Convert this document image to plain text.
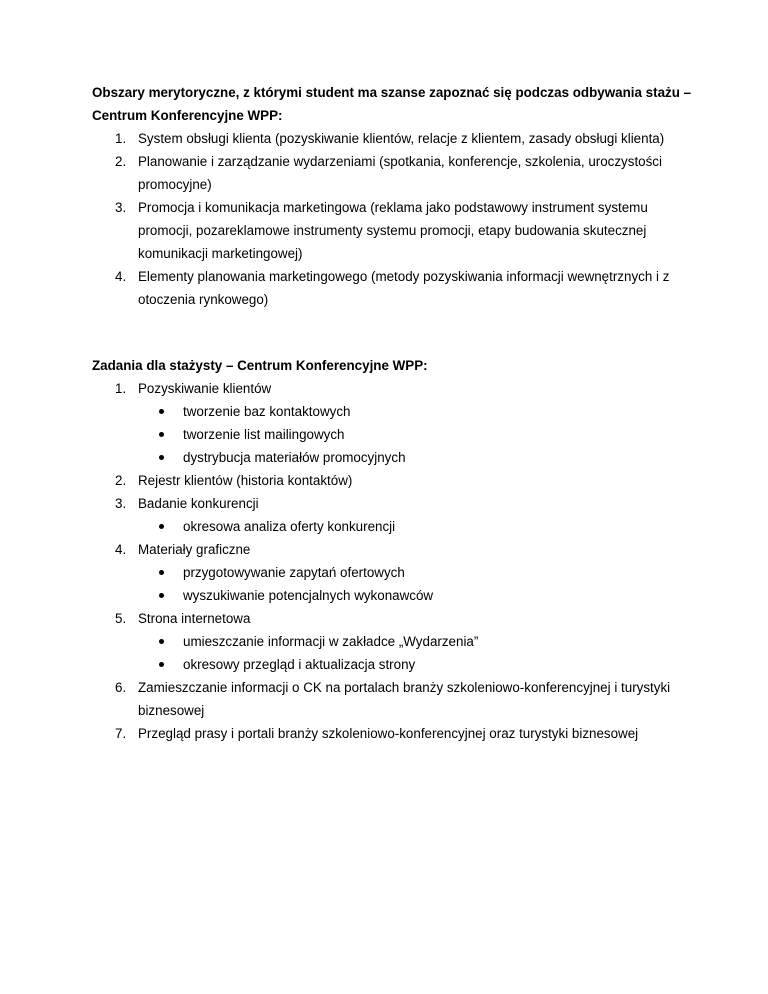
Obszary merytoryczne, z którymi student ma szanse zapoznać się podczas odbywania stażu – Centrum Konferencyjne WPP:

1. System obsługi klienta (pozyskiwanie klientów, relacje z klientem, zasady obsługi klienta)
2. Planowanie i zarządzanie wydarzeniami (spotkania, konferencje, szkolenia, uroczystości promocyjne)
3. Promocja i komunikacja marketingowa (reklama jako podstawowy instrument systemu promocji, pozareklamowe instrumenty systemu promocji, etapy budowania skutecznej komunikacji marketingowej)
4. Elementy planowania marketingowego (metody pozyskiwania informacji wewnętrznych i z otoczenia rynkowego)

Zadania dla stażysty – Centrum Konferencyjne WPP:

1. Pozyskiwanie klientów
tworzenie baz kontaktowych
tworzenie list mailingowych
dystrybucja materiałów promocyjnych
2. Rejestr klientów (historia kontaktów)
3. Badanie konkurencji
okresowa analiza oferty konkurencji
4. Materiały graficzne
przygotowywanie zapytań ofertowych
wyszukiwanie potencjalnych wykonawców
5. Strona internetowa
umieszczanie informacji w zakładce „Wydarzenia”
okresowy przegląd i aktualizacja strony
6. Zamieszczanie informacji o CK na portalach branży szkoleniowo-konferencyjnej i turystyki biznesowej
7. Przegląd prasy i portali branży szkoleniowo-konferencyjnej oraz turystyki biznesowej
